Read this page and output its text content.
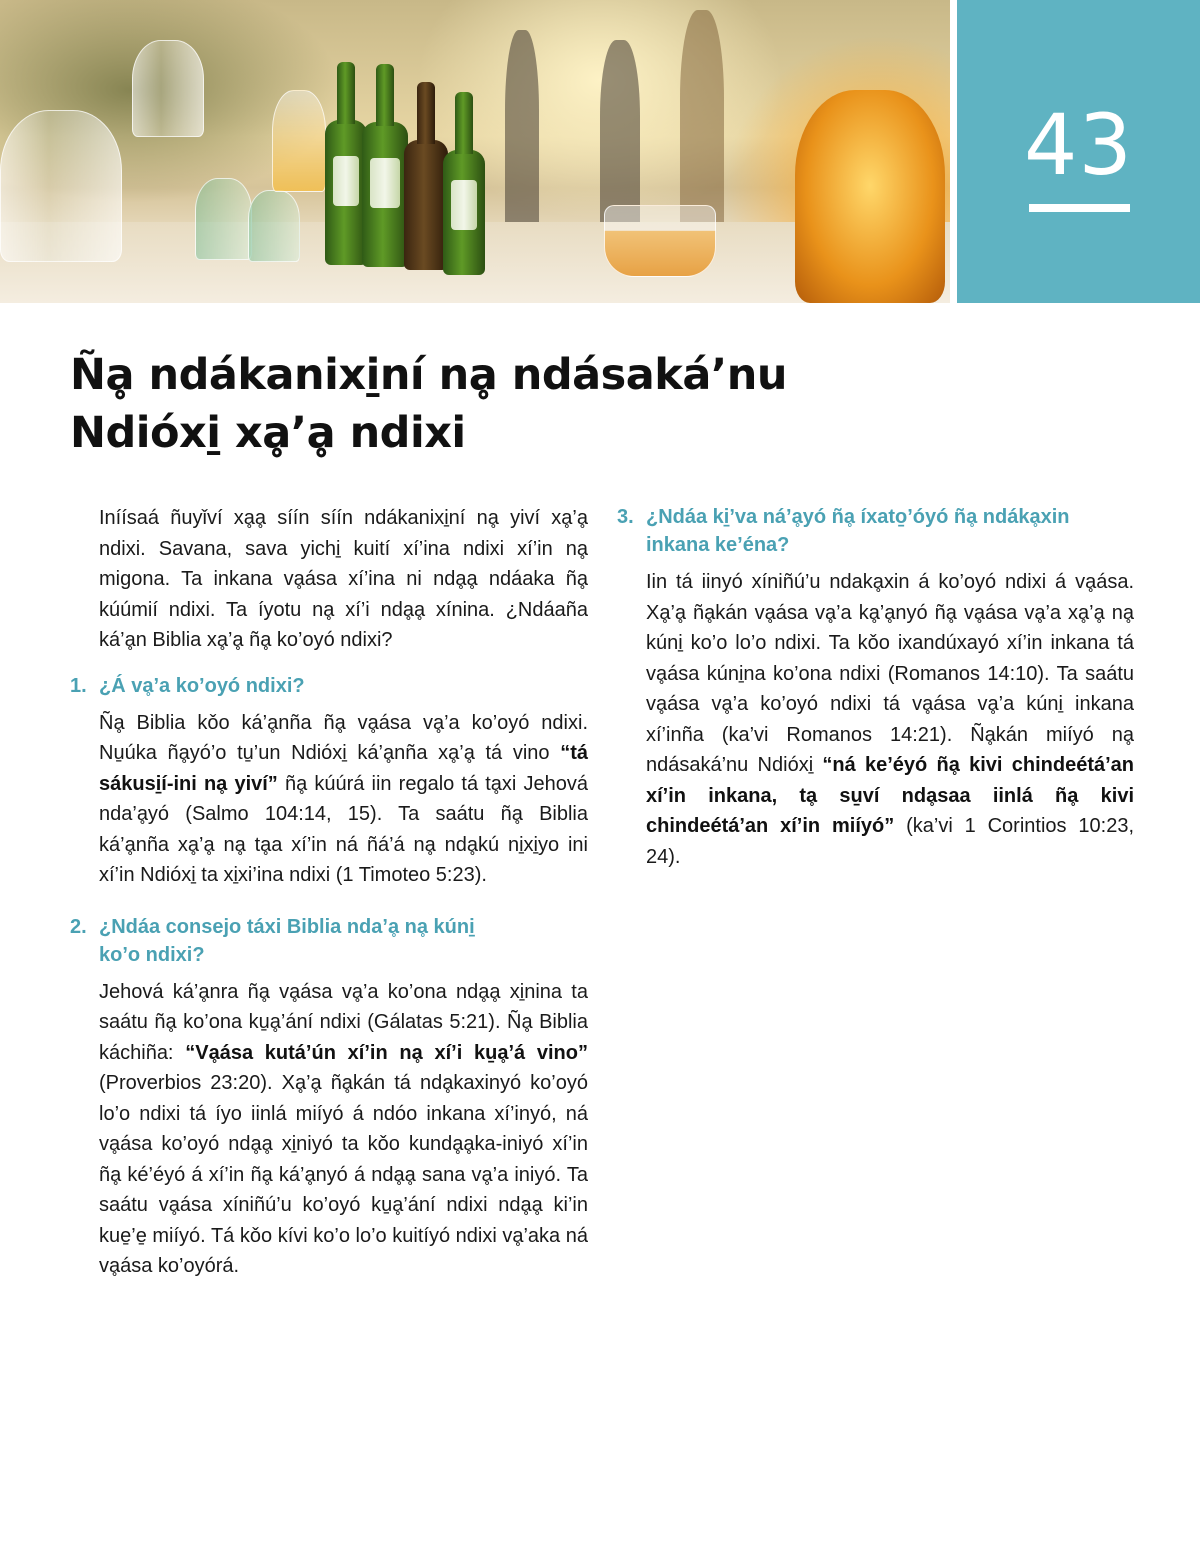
43
Ñḁ ndákanixi̱ní nḁ ndásaká’nu
Ndióxi̱ xḁ’ḁ ndixi

Iníísaá ñuyǐví xḁḁ síín síín ndákanixi̱ní nḁ yiví xḁ’ḁ ndixi. Savana, sava yichi̱ kuití xí’ina ndixi xí’in nḁ migona. Ta inkana vḁása xí’ina ni ndḁḁ ndáaka ñḁ kúúmií ndixi. Ta íyotu nḁ xí’i ndḁḁ xínina. ¿Ndáaña ká’ḁn Biblia xḁ’ḁ ñḁ ko’oyó ndixi?

1. ¿Á vḁ’a ko’oyó ndixi?

Ñḁ Biblia kǒo ká’ḁnña ñḁ vḁása vḁ’a ko’oyó ndixi. Nu̱úka ñḁyó’o tu̱’un Ndióxi̱ ká’ḁnña xḁ’ḁ tá vino “tá sákusi̱í-ini nḁ yiví” ñḁ kúúrá iin regalo tá tḁxi Jehová nda’ḁyó (Salmo 104:14, 15). Ta saátu ñḁ Biblia ká’ḁnña xḁ’ḁ nḁ tḁa xí’in ná ñá’á nḁ ndḁkú ni̱xi̱yo ini xí’in Ndióxi̱ ta xi̱xi’ina ndixi (1 Timoteo 5:23).

2. ¿Ndáa consejo táxi Biblia nda’ḁ nḁ kúni̱
ko’o ndixi?

Jehová ká’ḁnra ñḁ vḁása vḁ’a ko’ona ndḁḁ xi̱nina ta saátu ñḁ ko’ona ku̱ḁ’ání ndixi (Gálatas 5:21). Ñḁ Biblia káchiña: “Vḁása kutá’ún xí’in nḁ xí’i ku̱ḁ’á vino” (Proverbios 23:20). Xḁ’ḁ ñḁkán tá ndḁkaxinyó ko’oyó lo’o ndixi tá íyo iinlá miíyó á ndóo inkana xí’inyó, ná vḁása ko’oyó ndḁḁ xi̱niyó ta kǒo kundḁḁka-iniyó xí’in ñḁ ké’éyó á xí’in ñḁ ká’ḁnyó á ndḁḁ sana vḁ’a iniyó. Ta saátu vḁása xíniñú’u ko’oyó ku̱ḁ’ání ndixi ndḁḁ ki’in kue̱’e̱ miíyó. Tá kǒo kívi ko’o lo’o kuitíyó ndixi vḁ’aka ná vḁása ko’oyórá.

3. ¿Ndáa ki̱’va ná’ḁyó ñḁ íxato̱’óyó ñḁ ndákḁxin
inkana ke’éna?

Iin tá iinyó xíniñú’u ndakḁxin á ko’oyó ndixi á vḁása. Xḁ’ḁ ñḁkán vḁása vḁ’a kḁ’ḁnyó ñḁ vḁása vḁ’a xḁ’ḁ nḁ kúni̱ ko’o lo’o ndixi. Ta kǒo ixandúxayó xí’in inkana tá vḁása kúni̱na ko’ona ndixi (Romanos 14:10). Ta saátu vḁása vḁ’a ko’oyó ndixi tá vḁása vḁ’a kúni̱ inkana xí’inña (ka’vi Romanos 14:21). Ñḁkán miíyó nḁ ndásaká’nu Ndióxi̱ “ná ke’éyó ñḁ kivi chindeétá’an xí’in inkana, tḁ su̱ví ndḁsaa iinlá ñḁ kivi chindeétá’an xí’in miíyó” (ka’vi 1 Corintios 10:23, 24).
